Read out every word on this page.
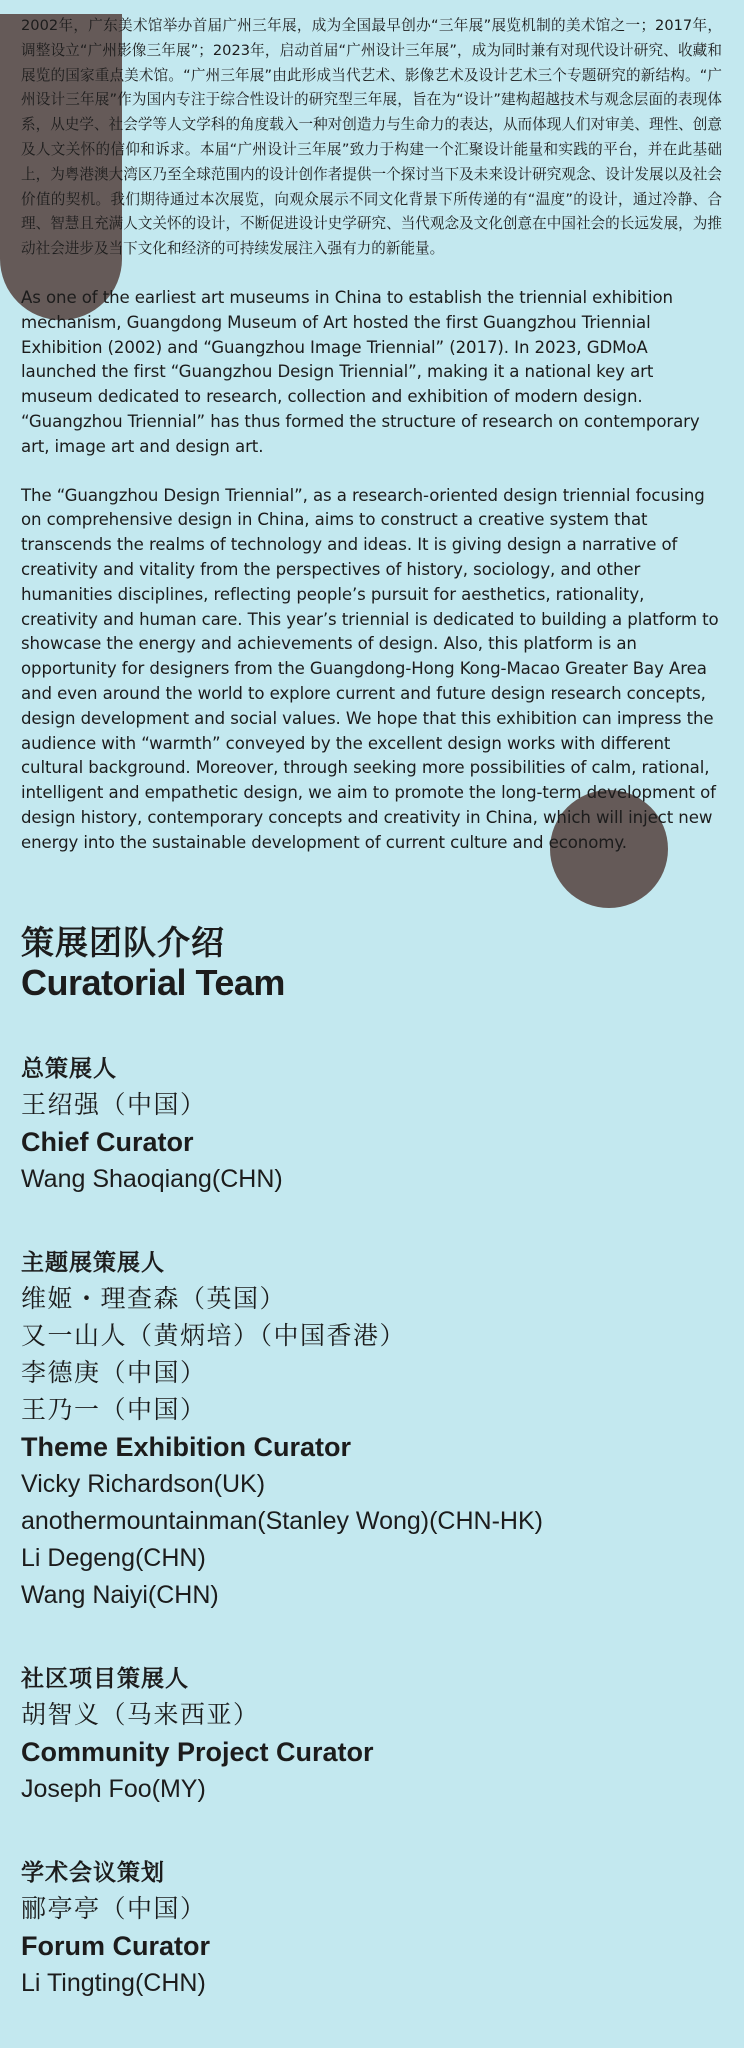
2002年，广东美术馆举办首届广州三年展，成为全国最早创办“三年展”展览机制的美术馆之一；2017年，调整设立“广州影像三年展”；2023年，启动首届“广州设计三年展”，成为同时兼有对现代设计研究、收藏和展览的国家重点美术馆。“广州三年展”由此形成当代艺术、影像艺术及设计艺术三个专题研究的新结构。“广州设计三年展”作为国内专注于综合性设计的研究型三年展，旨在为“设计”建构超越技术与观念层面的表现体系，从史学、社会学等人文学科的角度载入一种对创造力与生命力的表达，从而体现人们对审美、理性、创意及人文关怀的信仰和诉求。本届“广州设计三年展”致力于构建一个汇聚设计能量和实践的平台，并在此基础上，为粤港澳大湾区乃至全球范围内的设计创作者提供一个探讨当下及未来设计研究观念、设计发展以及社会价值的契机。我们期待通过本次展览，向观众展示不同文化背景下所传递的有“温度”的设计，通过冷静、合理、智慧且充满人文关怀的设计，不断促进设计史学研究、当代观念及文化创意在中国社会的长远发展，为推动社会进步及当下文化和经济的可持续发展注入强有力的新能量。

As one of the earliest art museums in China to establish the triennial exhibition mechanism, Guangdong Museum of Art hosted the first Guangzhou Triennial Exhibition (2002) and “Guangzhou Image Triennial” (2017). In 2023, GDMoA launched the first “Guangzhou Design Triennial”, making it a national key art museum dedicated to research, collection and exhibition of modern design. “Guangzhou Triennial” has thus formed the structure of research on contemporary art, image art and design art.

The “Guangzhou Design Triennial”, as a research-oriented design triennial focusing on comprehensive design in China, aims to construct a creative system that transcends the realms of technology and ideas. It is giving design a narrative of creativity and vitality from the perspectives of history, sociology, and other humanities disciplines, reflecting people’s pursuit for aesthetics, rationality, creativity and human care. This year’s triennial is dedicated to building a platform to showcase the energy and achievements of design. Also, this platform is an opportunity for designers from the Guangdong-Hong Kong-Macao Greater Bay Area and even around the world to explore current and future design research concepts, design development and social values. We hope that this exhibition can impress the audience with “warmth” conveyed by the excellent design works with different cultural background. Moreover, through seeking more possibilities of calm, rational, intelligent and empathetic design, we aim to promote the long-term development of design history, contemporary concepts and creativity in China, which will inject new energy into the sustainable development of current culture and economy.

策展团队介绍
Curatorial Team
总策展人
王绍强（中国）
Chief Curator
Wang Shaoqiang(CHN)
主题展策展人
维姬・理查森（英国）
又一山人（黄炳培）（中国香港）
李德庚（中国）
王乃一（中国）
Theme Exhibition Curator
Vicky Richardson(UK)
anothermountainman(Stanley Wong)(CHN-HK)
Li Degeng(CHN)
Wang Naiyi(CHN)
社区项目策展人
胡智义（马来西亚）
Community Project Curator
Joseph Foo(MY)
学术会议策划
郦亭亭（中国）
Forum Curator
Li Tingting(CHN)
